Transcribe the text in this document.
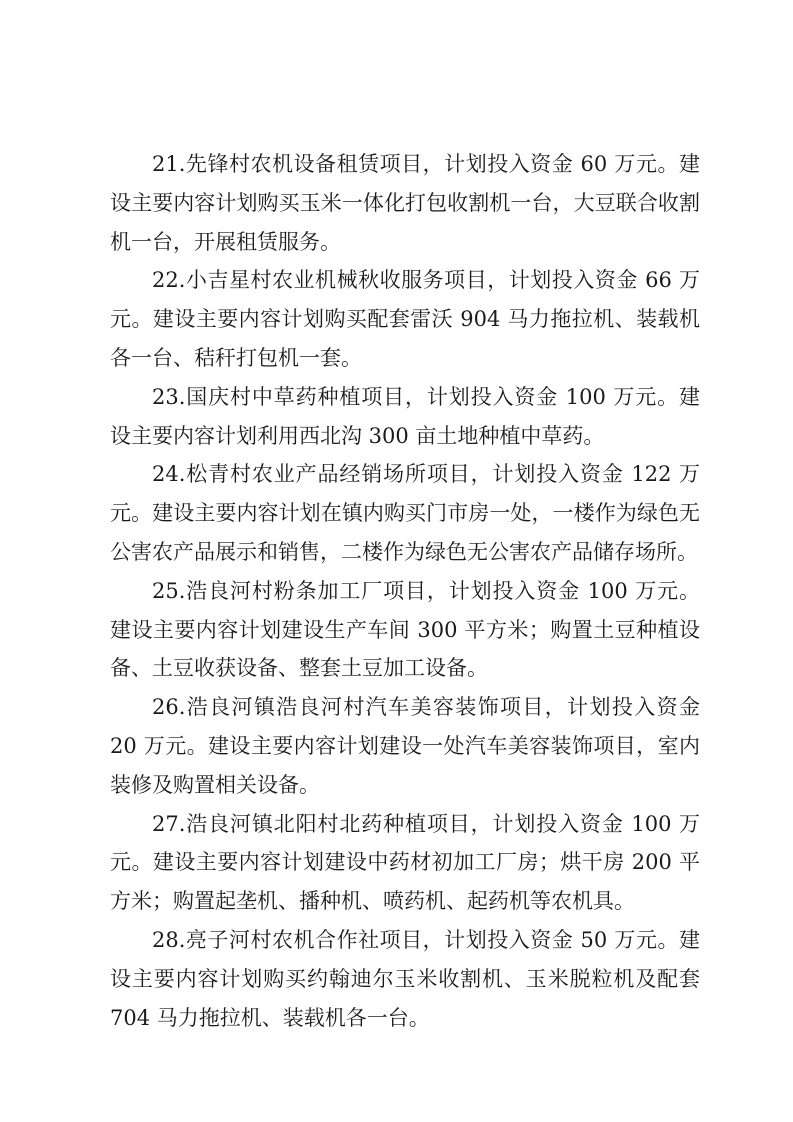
21.先锋村农机设备租赁项目，计划投入资金 60 万元。建设主要内容计划购买玉米一体化打包收割机一台，大豆联合收割机一台，开展租赁服务。

22.小吉星村农业机械秋收服务项目，计划投入资金 66 万元。建设主要内容计划购买配套雷沃 904 马力拖拉机、装载机各一台、秸秆打包机一套。

23.国庆村中草药种植项目，计划投入资金 100 万元。建设主要内容计划利用西北沟 300 亩土地种植中草药。

24.松青村农业产品经销场所项目，计划投入资金 122 万元。建设主要内容计划在镇内购买门市房一处，一楼作为绿色无公害农产品展示和销售，二楼作为绿色无公害农产品储存场所。

25.浩良河村粉条加工厂项目，计划投入资金 100 万元。建设主要内容计划建设生产车间 300 平方米；购置土豆种植设备、土豆收获设备、整套土豆加工设备。

26.浩良河镇浩良河村汽车美容装饰项目，计划投入资金 20 万元。建设主要内容计划建设一处汽车美容装饰项目，室内装修及购置相关设备。

27.浩良河镇北阳村北药种植项目，计划投入资金 100 万元。建设主要内容计划建设中药材初加工厂房；烘干房 200 平方米；购置起垄机、播种机、喷药机、起药机等农机具。

28.亮子河村农机合作社项目，计划投入资金 50 万元。建设主要内容计划购买约翰迪尔玉米收割机、玉米脱粒机及配套 704 马力拖拉机、装载机各一台。
